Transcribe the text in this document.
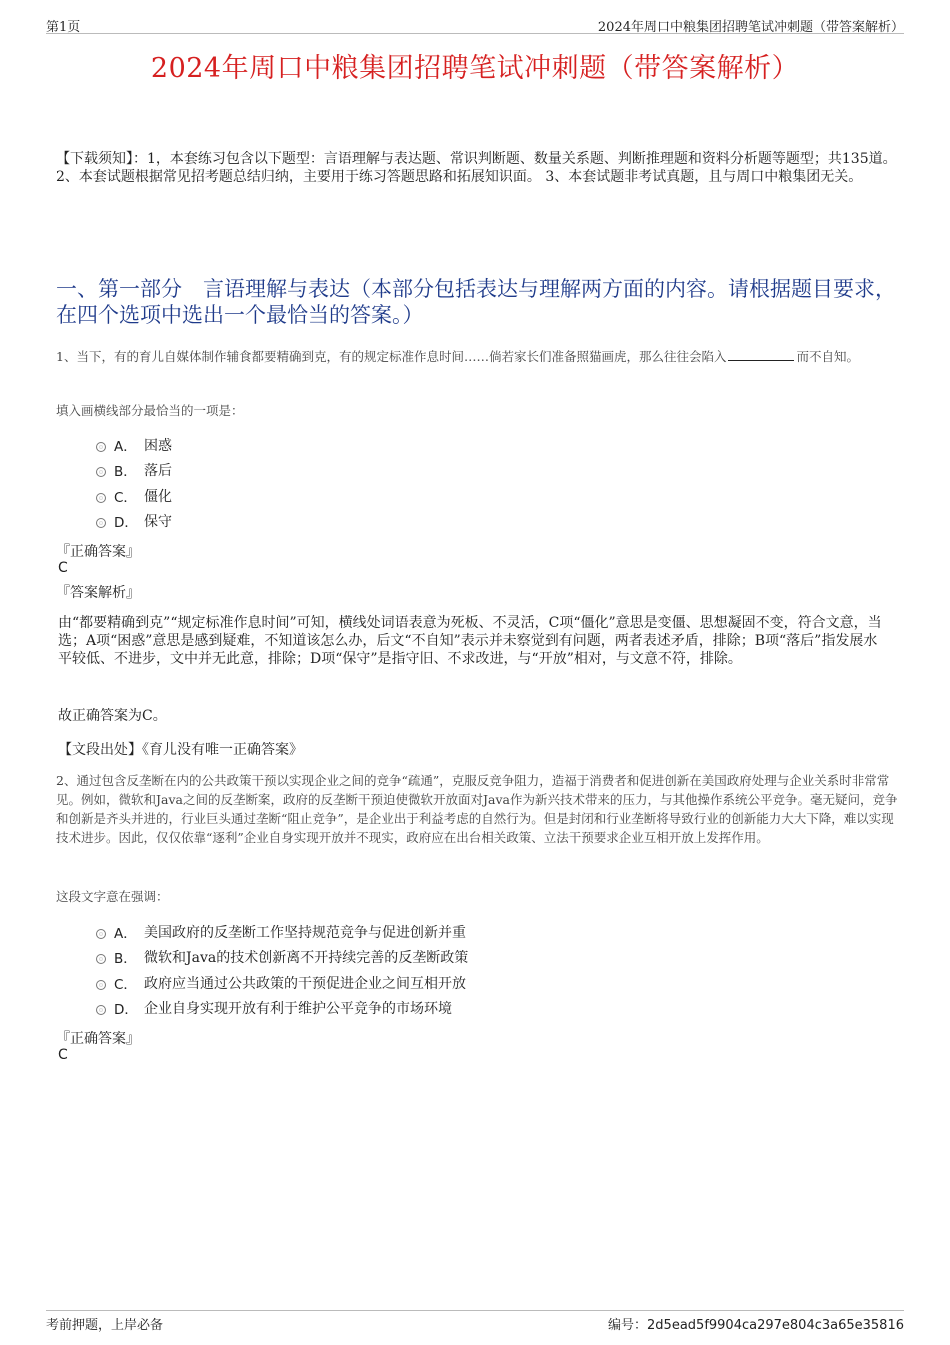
第1页	2024年周口中粮集团招聘笔试冲刺题（带答案解析）
2024年周口中粮集团招聘笔试冲刺题（带答案解析）
【下载须知】：1，本套练习包含以下题型：言语理解与表达题、常识判断题、数量关系题、判断推理题和资料分析题等题型；共135道。 2、本套试题根据常见招考题总结归纳，主要用于练习答题思路和拓展知识面。 3、本套试题非考试真题，且与周口中粮集团无关。
一、第一部分　言语理解与表达（本部分包括表达与理解两方面的内容。请根据题目要求，在四个选项中选出一个最恰当的答案。）
1、当下，有的育儿自媒体制作辅食都要精确到克，有的规定标准作息时间……倘若家长们准备照猫画虎，那么往往会陷入	而不自知。
填入画横线部分最恰当的一项是：
A． 困惑
B． 落后
C． 僵化
D． 保守
『正确答案』
C
『答案解析』
由“都要精确到克”“规定标准作息时间”可知，横线处词语表意为死板、不灵活，C项“僵化”意思是变僵、思想凝固不变，符合文意，当选；A项“困惑”意思是感到疑难，不知道该怎么办，后文“不自知”表示并未察觉到有问题，两者表述矛盾，排除；B项“落后”指发展水平较低、不进步，文中并无此意，排除；D项“保守”是指守旧、不求改进，与“开放”相对，与文意不符，排除。
故正确答案为C。
【文段出处】《育儿没有唯一正确答案》
2、通过包含反垄断在内的公共政策干预以实现企业之间的竞争“疏通”，克服反竞争阻力，造福于消费者和促进创新在美国政府处理与企业关系时非常常见。例如，微软和Java之间的反垄断案，政府的反垄断干预迫使微软开放面对Java作为新兴技术带来的压力，与其他操作系统公平竞争。毫无疑问，竞争和创新是齐头并进的，行业巨头通过垄断“阻止竞争”，是企业出于利益考虑的自然行为。但是封闭和行业垄断将导致行业的创新能力大大下降，难以实现技术进步。因此，仅仅依靠“逐利”企业自身实现开放并不现实，政府应在出台相关政策、立法干预要求企业互相开放上发挥作用。
这段文字意在强调：
A． 美国政府的反垄断工作坚持规范竞争与促进创新并重
B． 微软和Java的技术创新离不开持续完善的反垄断政策
C． 政府应当通过公共政策的干预促进企业之间互相开放
D． 企业自身实现开放有利于维护公平竞争的市场环境
『正确答案』
C
考前押题，上岸必备	编号：2d5ead5f9904ca297e804c3a65e35816
